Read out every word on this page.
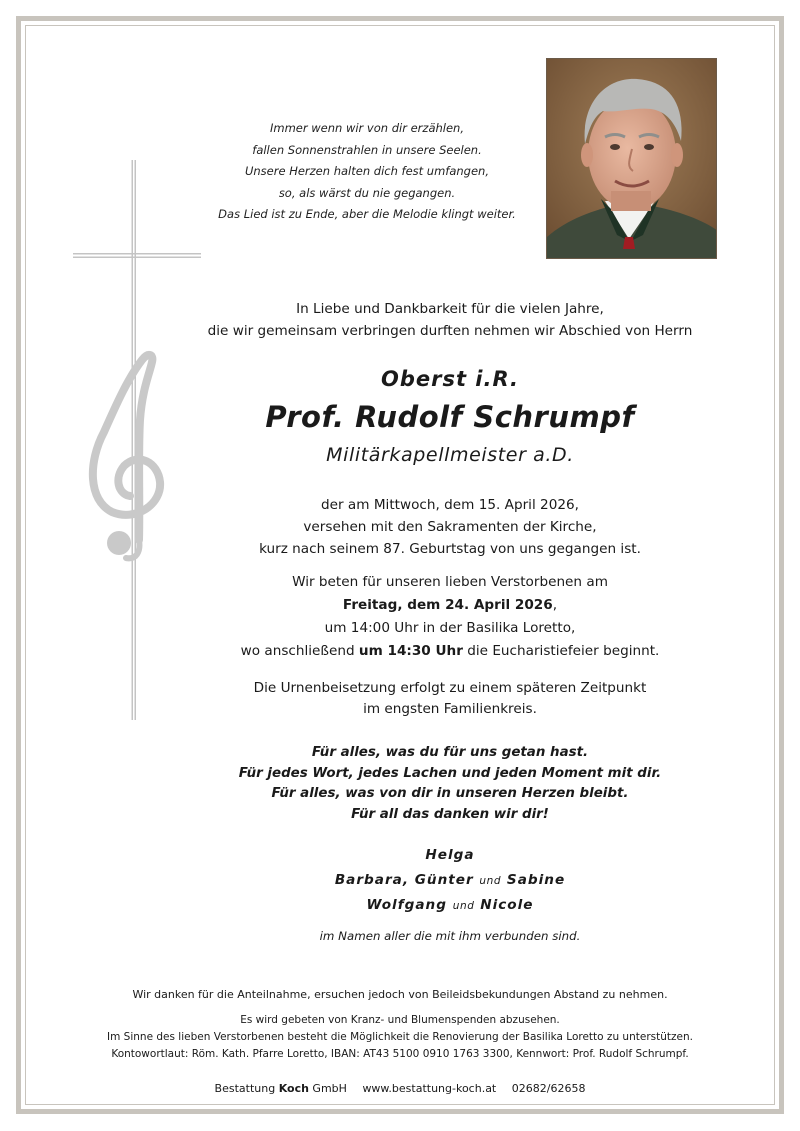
Immer wenn wir von dir erzählen,
fallen Sonnenstrahlen in unsere Seelen.
Unsere Herzen halten dich fest umfangen,
so, als wärst du nie gegangen.
Das Lied ist zu Ende, aber die Melodie klingt weiter.
In Liebe und Dankbarkeit für die vielen Jahre,
die wir gemeinsam verbringen durften nehmen wir Abschied von Herrn
Oberst i.R.
Prof. Rudolf Schrumpf
Militärkapellmeister a.D.
der am Mittwoch, dem 15. April 2026,
versehen mit den Sakramenten der Kirche,
kurz nach seinem 87. Geburtstag von uns gegangen ist.
Wir beten für unseren lieben Verstorbenen am
Freitag, dem 24. April 2026,
um 14:00 Uhr in der Basilika Loretto,
wo anschließend um 14:30 Uhr die Eucharistiefeier beginnt.
Die Urnenbeisetzung erfolgt zu einem späteren Zeitpunkt
im engsten Familienkreis.
Für alles, was du für uns getan hast.
Für jedes Wort, jedes Lachen und jeden Moment mit dir.
Für alles, was von dir in unseren Herzen bleibt.
Für all das danken wir dir!
Helga
Barbara, Günter und Sabine
Wolfgang und Nicole
im Namen aller die mit ihm verbunden sind.
Wir danken für die Anteilnahme, ersuchen jedoch von Beileidsbekundungen Abstand zu nehmen.
Es wird gebeten von Kranz- und Blumenspenden abzusehen.
Im Sinne des lieben Verstorbenen besteht die Möglichkeit die Renovierung der Basilika Loretto zu unterstützen.
Kontowortlaut: Röm. Kath. Pfarre Loretto, IBAN: AT43 5100 0910 1763 3300, Kennwort: Prof. Rudolf Schrumpf.
Bestattung Koch GmbH www.bestattung-koch.at 02682/62658
